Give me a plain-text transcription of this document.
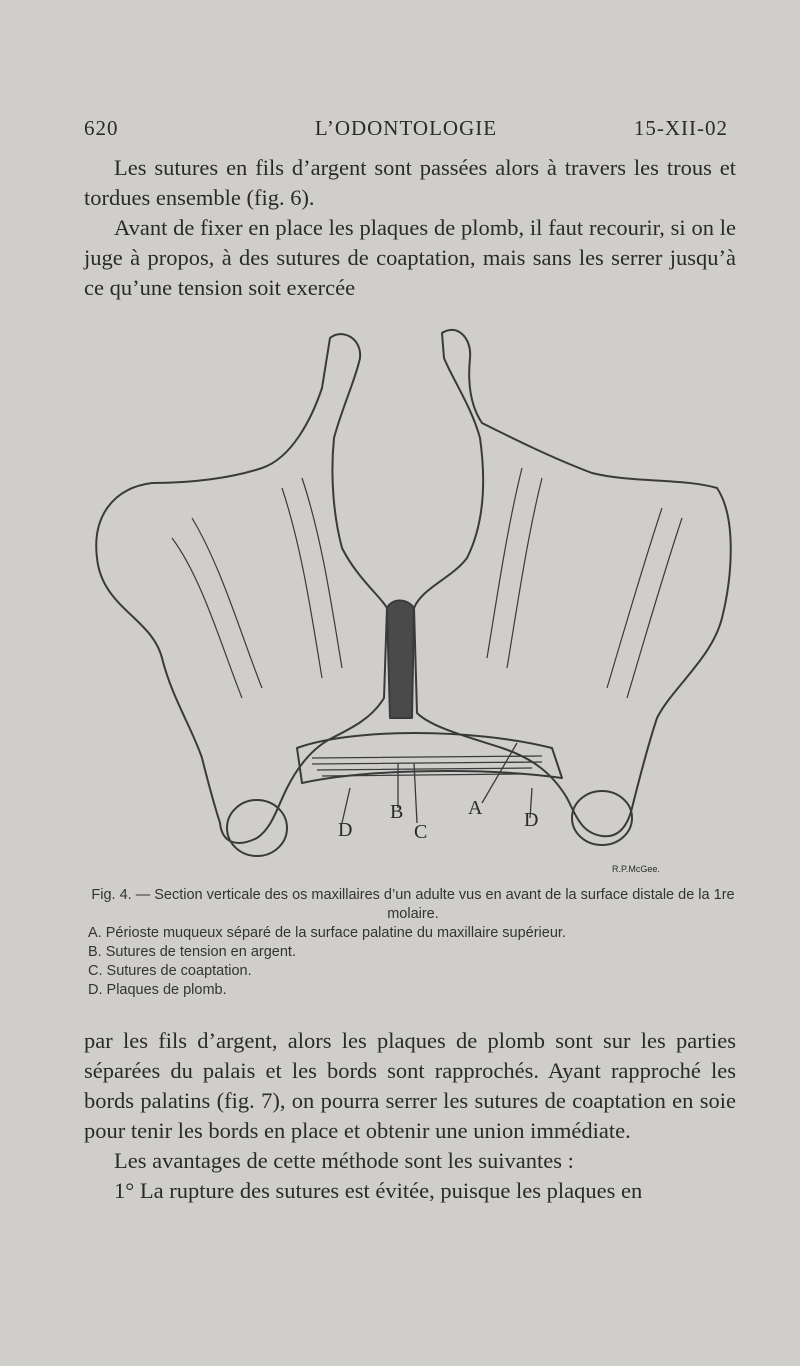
620	L’ODONTOLOGIE	15-XII-02

Les sutures en fils d’argent sont passées alors à travers les trous et tordues ensemble (fig. 6).

Avant de fixer en place les plaques de plomb, il faut recourir, si on le juge à propos, à des sutures de coaptation, mais sans les serrer jusqu’à ce qu’une tension soit exercée

D
B
C
A
D
R.P.McGee.
Fig. 4. — Section verticale des os maxillaires d’un adulte vus en avant de la surface distale de la 1re molaire.
A. Périoste muqueux séparé de la surface palatine du maxillaire supérieur.
B. Sutures de tension en argent.
C. Sutures de coaptation.
D. Plaques de plomb.

par les fils d’argent, alors les plaques de plomb sont sur les parties séparées du palais et les bords sont rapprochés. Ayant rapproché les bords palatins (fig. 7), on pourra serrer les sutures de coaptation en soie pour tenir les bords en place et obtenir une union immédiate.

Les avantages de cette méthode sont les suivantes :

1° La rupture des sutures est évitée, puisque les plaques en
